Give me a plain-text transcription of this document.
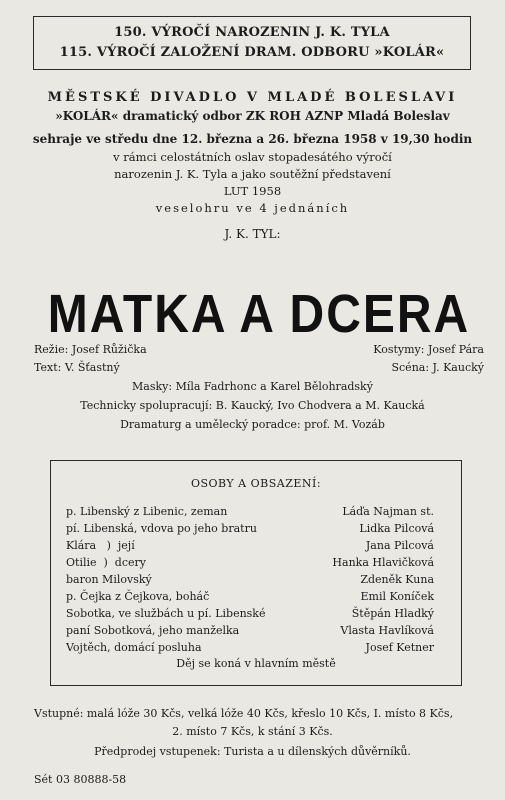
150. VÝROČÍ NAROZENIN J. K. TYLA
115. VÝROČÍ ZALOŽENÍ DRAM. ODBORU »KOLÁR«
MĚSTSKÉ DIVADLO V MLADÉ BOLESLAVI
»KOLÁR« dramatický odbor ZK ROH AZNP Mladá Boleslav
sehraje ve středu dne 12. března a 26. března 1958 v 19,30 hodin
v rámci celostátních oslav stopadesátého výročí
narozenin J. K. Tyla a jako soutěžní představení
LUT 1958
veselohru ve 4 jednáních
J. K. TYL:
MATKA A DCERA
Režie: Josef Růžička	Kostymy: Josef Pára
Text: V. Šťastný	Scéna: J. Kaucký
Masky: Míla Fadrhonc a Karel Bělohradský
Technicky spolupracují: B. Kaucký, Ivo Chodvera a M. Kaucká
Dramaturg a umělecký poradce: prof. M. Vozáb
OSOBY A OBSAZENÍ:
p. Libenský z Libenic, zeman	Láďa Najman st.
pí. Libenská, vdova po jeho bratru	Lidka Pilcová
Klára   )  její	Jana Pilcová
Otilie  )  dcery	Hanka Hlavičková
baron Milovský	Zdeněk Kuna
p. Čejka z Čejkova, boháč	Emil Koníček
Sobotka, ve službách u pí. Libenské	Štěpán Hladký
paní Sobotková, jeho manželka	Vlasta Havlíková
Vojtěch, domácí posluha	Josef Ketner
Děj se koná v hlavním městě
Vstupné: malá lóže 30 Kčs, velká lóže 40 Kčs, křeslo 10 Kčs, I. místo 8 Kčs,
2. místo 7 Kčs, k stání 3 Kčs.
Předprodej vstupenek: Turista a u dílenských důvěrníků.
Sét 03 80888-58
